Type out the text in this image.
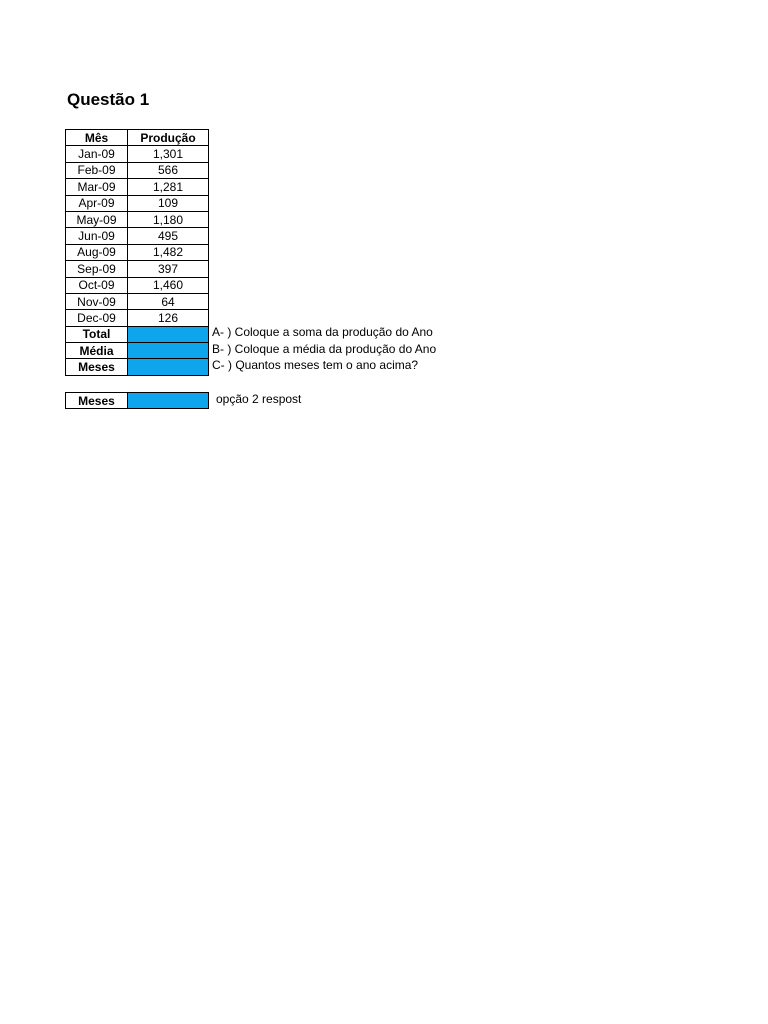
Questão 1
Mês	Produção
Jan-09	1,301
Feb-09	566
Mar-09	1,281
Apr-09	109
May-09	1,180
Jun-09	495
Aug-09	1,482
Sep-09	397
Oct-09	1,460
Nov-09	64
Dec-09	126
Total	
Média	
Meses	
A- ) Coloque a soma da produção do Ano
B- ) Coloque a média da produção do Ano
C- ) Quantos meses tem o ano acima?
Meses		opção 2 respost
